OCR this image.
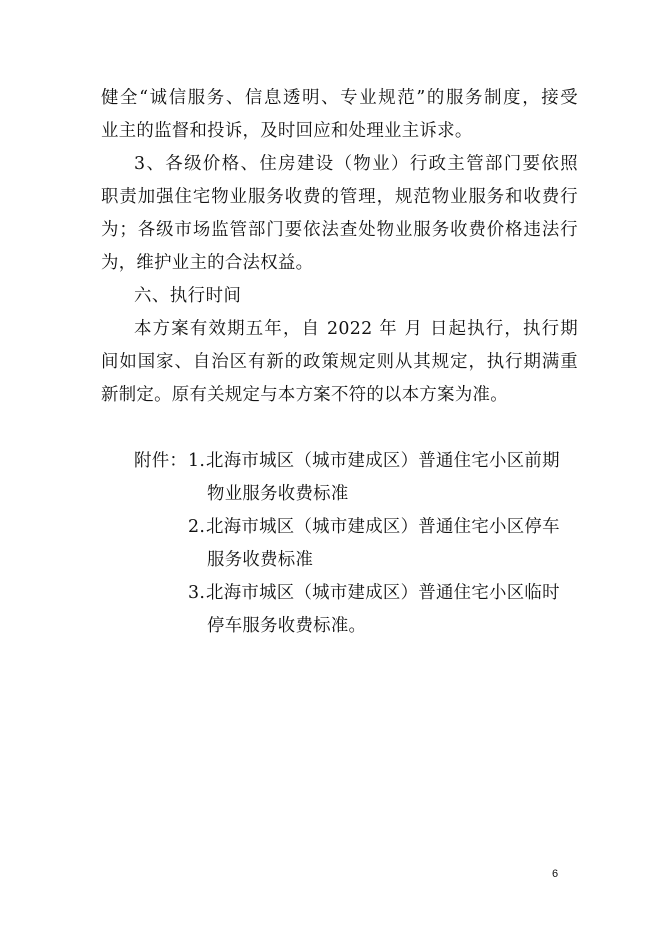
健全“诚信服务、信息透明、专业规范”的服务制度，接受
业主的监督和投诉，及时回应和处理业主诉求。
3、各级价格、住房建设（物业）行政主管部门要依照
职责加强住宅物业服务收费的管理，规范物业服务和收费行
为；各级市场监管部门要依法查处物业服务收费价格违法行
为，维护业主的合法权益。
六、执行时间
本方案有效期五年，自 2022 年 月 日起执行，执行期
间如国家、自治区有新的政策规定则从其规定，执行期满重
新制定。原有关规定与本方案不符的以本方案为准。
附件： 1. 北海市城区（城市建成区）普通住宅小区前期
物业服务收费标准
2. 北海市城区（城市建成区）普通住宅小区停车
服务收费标准
3. 北海市城区（城市建成区）普通住宅小区临时
停车服务收费标准。
6
